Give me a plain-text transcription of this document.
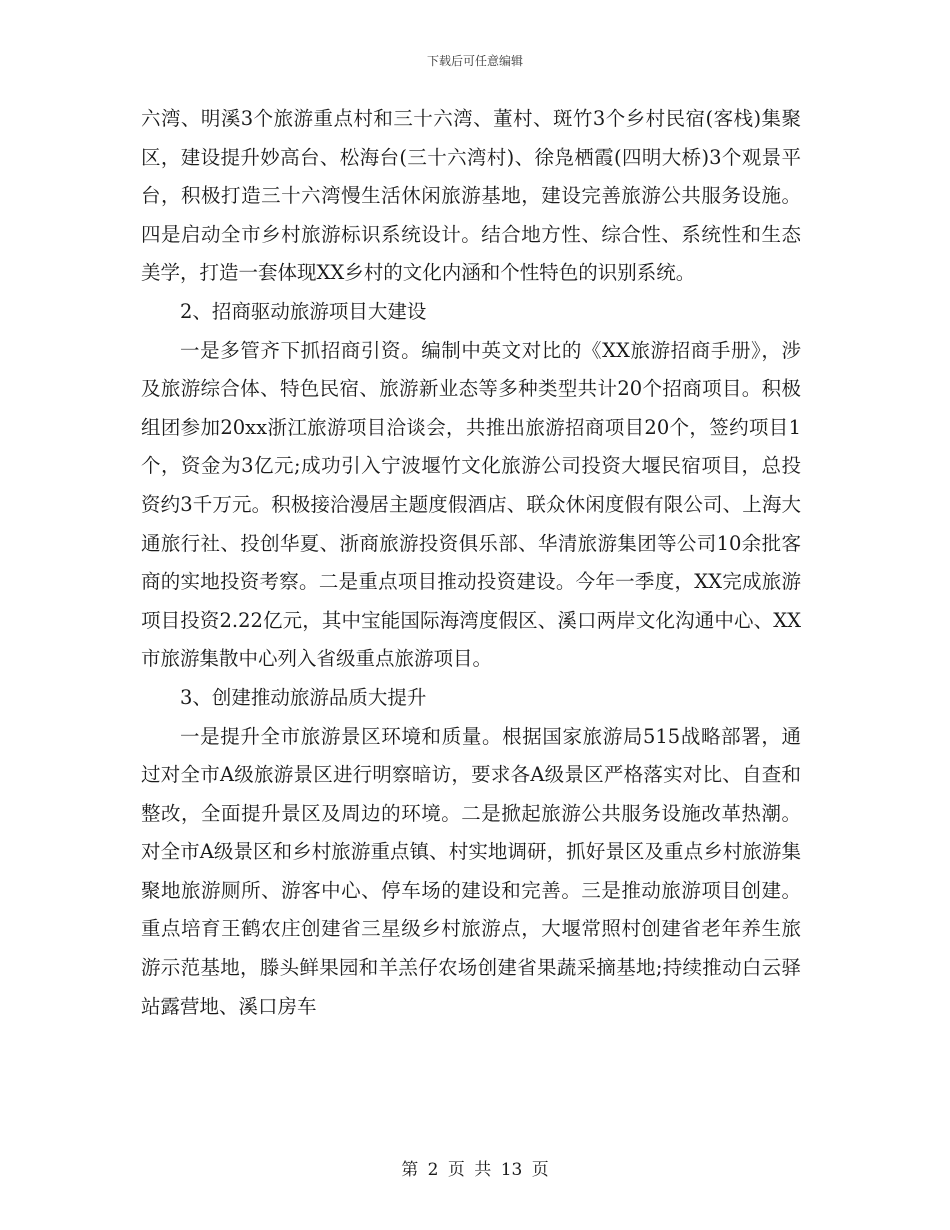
下载后可任意编辑

六湾、明溪3个旅游重点村和三十六湾、董村、斑竹3个乡村民宿(客栈)集聚区，建设提升妙高台、松海台(三十六湾村)、徐凫栖霞(四明大桥)3个观景平台，积极打造三十六湾慢生活休闲旅游基地，建设完善旅游公共服务设施。四是启动全市乡村旅游标识系统设计。结合地方性、综合性、系统性和生态美学，打造一套体现XX乡村的文化内涵和个性特色的识别系统。

2、招商驱动旅游项目大建设

一是多管齐下抓招商引资。编制中英文对比的《XX旅游招商手册》，涉及旅游综合体、特色民宿、旅游新业态等多种类型共计20个招商项目。积极组团参加20xx浙江旅游项目洽谈会，共推出旅游招商项目20个，签约项目1个，资金为3亿元;成功引入宁波堰竹文化旅游公司投资大堰民宿项目，总投资约3千万元。积极接洽漫居主题度假酒店、联众休闲度假有限公司、上海大通旅行社、投创华夏、浙商旅游投资俱乐部、华清旅游集团等公司10余批客商的实地投资考察。二是重点项目推动投资建设。今年一季度，XX完成旅游项目投资2.22亿元，其中宝能国际海湾度假区、溪口两岸文化沟通中心、XX市旅游集散中心列入省级重点旅游项目。

3、创建推动旅游品质大提升

一是提升全市旅游景区环境和质量。根据国家旅游局515战略部署，通过对全市A级旅游景区进行明察暗访，要求各A级景区严格落实对比、自查和整改，全面提升景区及周边的环境。二是掀起旅游公共服务设施改革热潮。对全市A级景区和乡村旅游重点镇、村实地调研，抓好景区及重点乡村旅游集聚地旅游厕所、游客中心、停车场的建设和完善。三是推动旅游项目创建。重点培育王鹤农庄创建省三星级乡村旅游点，大堰常照村创建省老年养生旅游示范基地，滕头鲜果园和羊羔仔农场创建省果蔬采摘基地;持续推动白云驿站露营地、溪口房车

第 2 页 共 13 页
